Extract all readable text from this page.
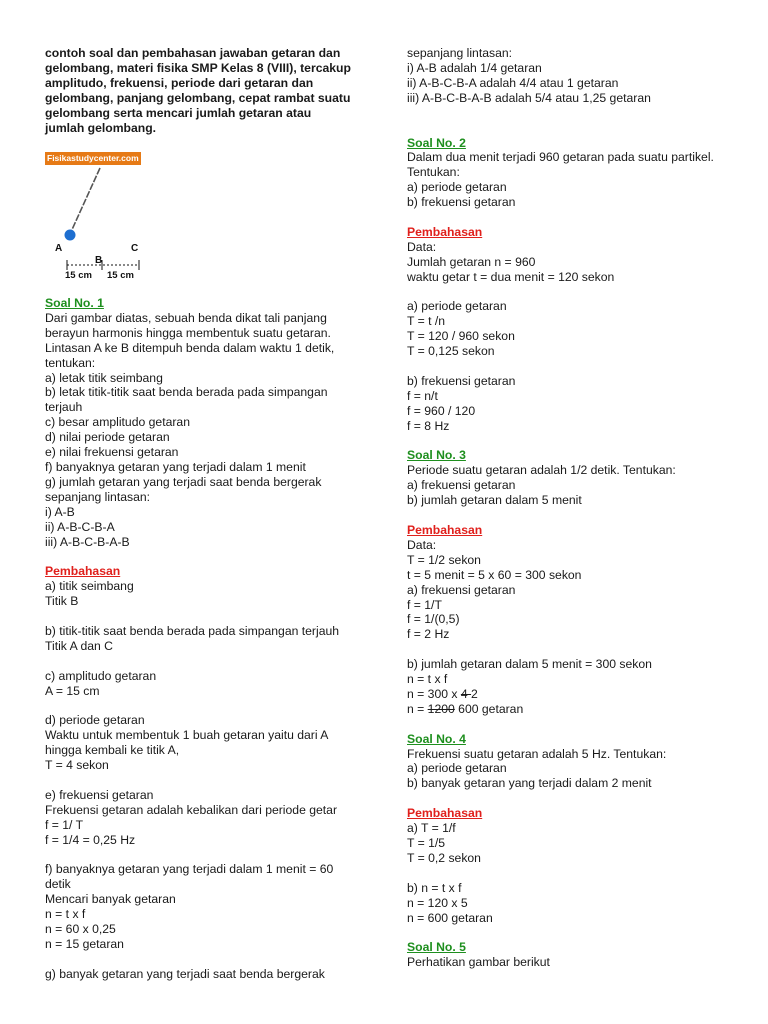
contoh soal dan pembahasan jawaban getaran dan
gelombang, materi fisika SMP Kelas 8 (VIII), tercakup
amplitudo, frekuensi, periode dari getaran dan
gelombang, panjang gelombang, cepat rambat suatu
gelombang serta mencari jumlah getaran atau
jumlah gelombang.
Fisikastudycenter.com
A
B
C
15 cm 15 cm
Soal No. 1
Dari gambar diatas, sebuah benda dikat tali panjang
berayun harmonis hingga membentuk suatu getaran.
Lintasan A ke B ditempuh benda dalam waktu 1 detik,
tentukan:
a) letak titik seimbang
b) letak titik-titik saat benda berada pada simpangan
terjauh
c) besar amplitudo getaran
d) nilai periode getaran
e) nilai frekuensi getaran
f) banyaknya getaran yang terjadi dalam 1 menit
g) jumlah getaran yang terjadi saat benda bergerak
sepanjang lintasan:
i) A-B
ii) A-B-C-B-A
iii) A-B-C-B-A-B
Pembahasan
a) titik seimbang
Titik B
b) titik-titik saat benda berada pada simpangan terjauh
Titik A dan C
c) amplitudo getaran
A = 15 cm
d) periode getaran
Waktu untuk membentuk 1 buah getaran yaitu dari A
hingga kembali ke titik A,
T = 4 sekon
e) frekuensi getaran
Frekuensi getaran adalah kebalikan dari periode getar
f = 1/ T
f = 1/4 = 0,25 Hz
f) banyaknya getaran yang terjadi dalam 1 menit = 60
detik
Mencari banyak getaran
n = t x f
n = 60 x 0,25
n = 15 getaran
g) banyak getaran yang terjadi saat benda bergerak
sepanjang lintasan:
i) A-B adalah 1/4 getaran
ii) A-B-C-B-A adalah 4/4 atau 1 getaran
iii) A-B-C-B-A-B adalah 5/4 atau 1,25 getaran
Soal No. 2
Dalam dua menit terjadi 960 getaran pada suatu partikel.
Tentukan:
a) periode getaran
b) frekuensi getaran
Pembahasan
Data:
Jumlah getaran n = 960
waktu getar t = dua menit = 120 sekon
a) periode getaran
T = t /n
T = 120 / 960 sekon
T = 0,125 sekon
b) frekuensi getaran
f = n/t
f = 960 / 120
f = 8 Hz
Soal No. 3
Periode suatu getaran adalah 1/2 detik. Tentukan:
a) frekuensi getaran
b) jumlah getaran dalam 5 menit
Pembahasan
Data:
T = 1/2 sekon
t = 5 menit = 5 x 60 = 300 sekon
a) frekuensi getaran
f = 1/T
f = 1/(0,5)
f = 2 Hz
b) jumlah getaran dalam 5 menit = 300 sekon
n = t x f
n = 300 x 4 2
n = 1200 600 getaran
Soal No. 4
Frekuensi suatu getaran adalah 5 Hz. Tentukan:
a) periode getaran
b) banyak getaran yang terjadi dalam 2 menit
Pembahasan
a) T = 1/f
T = 1/5
T = 0,2 sekon
b) n = t x f
n = 120 x 5
n = 600 getaran
Soal No. 5
Perhatikan gambar berikut
